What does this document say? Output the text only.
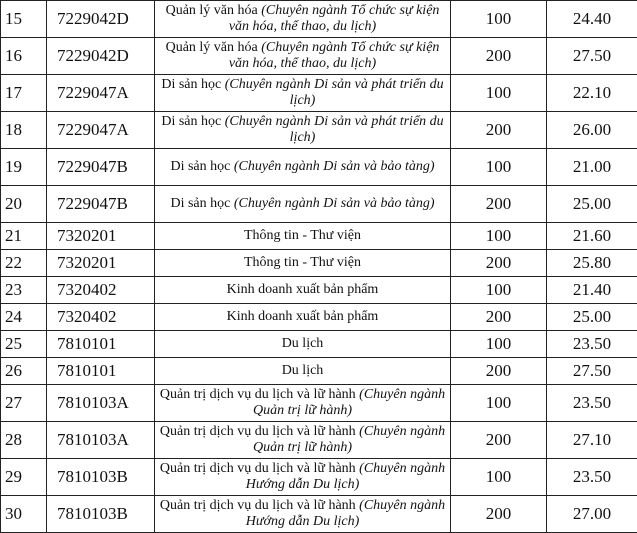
15	7229042D	Quản lý văn hóa (Chuyên ngành Tổ chức sự kiện văn hóa, thể thao, du lịch)	100	24.40
16	7229042D	Quản lý văn hóa (Chuyên ngành Tổ chức sự kiện văn hóa, thể thao, du lịch)	200	27.50
17	7229047A	Di sản học (Chuyên ngành Di sản và phát triển du lịch)	100	22.10
18	7229047A	Di sản học (Chuyên ngành Di sản và phát triển du lịch)	200	26.00
19	7229047B	Di sản học (Chuyên ngành Di sản và bảo tàng)	100	21.00
20	7229047B	Di sản học (Chuyên ngành Di sản và bảo tàng)	200	25.00
21	7320201	Thông tin - Thư viện	100	21.60
22	7320201	Thông tin - Thư viện	200	25.80
23	7320402	Kinh doanh xuất bản phẩm	100	21.40
24	7320402	Kinh doanh xuất bản phẩm	200	25.00
25	7810101	Du lịch	100	23.50
26	7810101	Du lịch	200	27.50
27	7810103A	Quản trị dịch vụ du lịch và lữ hành (Chuyên ngành Quản trị lữ hành)	100	23.50
28	7810103A	Quản trị dịch vụ du lịch và lữ hành (Chuyên ngành Quản trị lữ hành)	200	27.10
29	7810103B	Quản trị dịch vụ du lịch và lữ hành (Chuyên ngành Hướng dẫn Du lịch)	100	23.50
30	7810103B	Quản trị dịch vụ du lịch và lữ hành (Chuyên ngành Hướng dẫn Du lịch)	200	27.00
